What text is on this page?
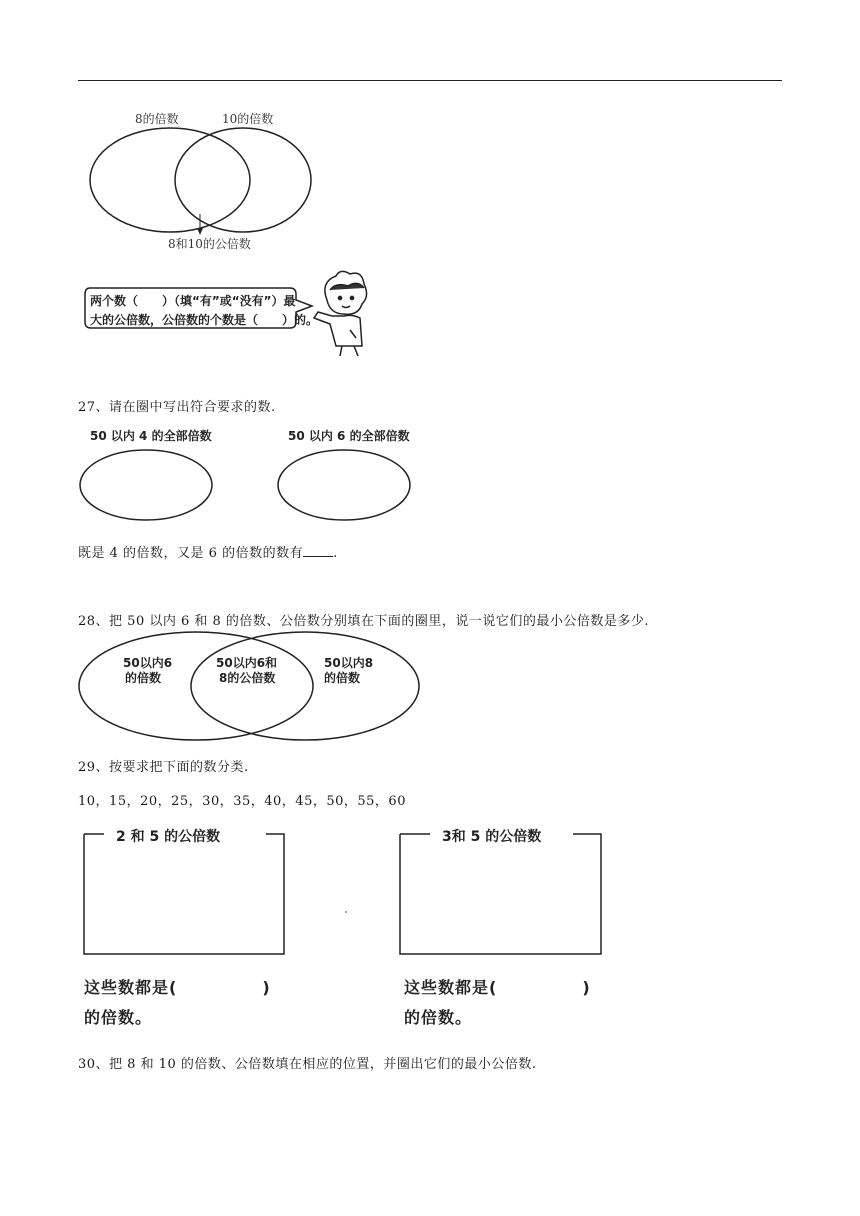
8的倍数	10的倍数
8和10的公倍数
两个数（　　）（填“有”或“没有”）最
大的公倍数，公倍数的个数是（　　）的。
27、请在圈中写出符合要求的数.
50 以内 4 的全部倍数	50 以内 6 的全部倍数
既是 4 的倍数，又是 6 的倍数的数有 .
28、把 50 以内 6 和 8 的倍数、公倍数分别填在下面的圈里，说一说它们的最小公倍数是多少.
50以内6
的倍数
50以内6和
8的公倍数
50以内8
的倍数
29、按要求把下面的数分类.
10，15，20，25，30，35，40，45，50，55，60
2 和 5 的公倍数	3和 5 的公倍数
这些数都是(　　　　　)
的倍数。
这些数都是(　　　　　)
的倍数。
30、把 8 和 10 的倍数、公倍数填在相应的位置，并圈出它们的最小公倍数.
